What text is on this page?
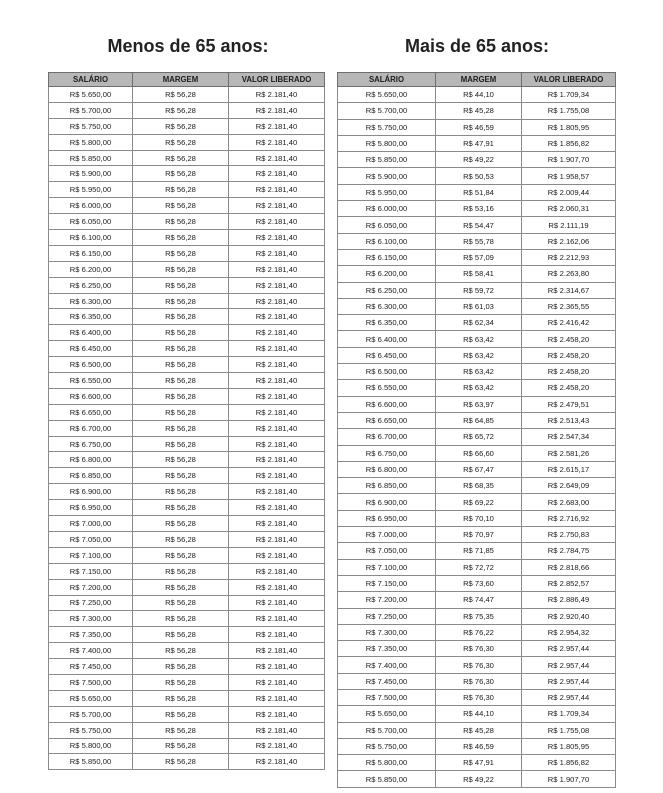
Menos de 65 anos:	Mais de 65 anos:
SALÁRIO	MARGEM	VALOR LIBERADO
R$ 5.650,00	R$ 56,28	R$ 2.181,40
R$ 5.700,00	R$ 56,28	R$ 2.181,40
R$ 5.750,00	R$ 56,28	R$ 2.181,40
R$ 5.800,00	R$ 56,28	R$ 2.181,40
R$ 5.850,00	R$ 56,28	R$ 2.181,40
R$ 5.900,00	R$ 56,28	R$ 2.181,40
R$ 5.950,00	R$ 56,28	R$ 2.181,40
R$ 6.000,00	R$ 56,28	R$ 2.181,40
R$ 6.050,00	R$ 56,28	R$ 2.181,40
R$ 6.100,00	R$ 56,28	R$ 2.181,40
R$ 6.150,00	R$ 56,28	R$ 2.181,40
R$ 6.200,00	R$ 56,28	R$ 2.181,40
R$ 6.250,00	R$ 56,28	R$ 2.181,40
R$ 6.300,00	R$ 56,28	R$ 2.181,40
R$ 6.350,00	R$ 56,28	R$ 2.181,40
R$ 6.400,00	R$ 56,28	R$ 2.181,40
R$ 6.450,00	R$ 56,28	R$ 2.181,40
R$ 6.500,00	R$ 56,28	R$ 2.181,40
R$ 6.550,00	R$ 56,28	R$ 2.181,40
R$ 6.600,00	R$ 56,28	R$ 2.181,40
R$ 6.650,00	R$ 56,28	R$ 2.181,40
R$ 6.700,00	R$ 56,28	R$ 2.181,40
R$ 6.750,00	R$ 56,28	R$ 2.181,40
R$ 6.800,00	R$ 56,28	R$ 2.181,40
R$ 6.850,00	R$ 56,28	R$ 2.181,40
R$ 6.900,00	R$ 56,28	R$ 2.181,40
R$ 6.950,00	R$ 56,28	R$ 2.181,40
R$ 7.000,00	R$ 56,28	R$ 2.181,40
R$ 7.050,00	R$ 56,28	R$ 2.181,40
R$ 7.100,00	R$ 56,28	R$ 2.181,40
R$ 7.150,00	R$ 56,28	R$ 2.181,40
R$ 7.200,00	R$ 56,28	R$ 2.181,40
R$ 7.250,00	R$ 56,28	R$ 2.181,40
R$ 7.300,00	R$ 56,28	R$ 2.181,40
R$ 7.350,00	R$ 56,28	R$ 2.181,40
R$ 7.400,00	R$ 56,28	R$ 2.181,40
R$ 7.450,00	R$ 56,28	R$ 2.181,40
R$ 7.500,00	R$ 56,28	R$ 2.181,40
R$ 5.650,00	R$ 56,28	R$ 2.181,40
R$ 5.700,00	R$ 56,28	R$ 2.181,40
R$ 5.750,00	R$ 56,28	R$ 2.181,40
R$ 5.800,00	R$ 56,28	R$ 2.181,40
R$ 5.850,00	R$ 56,28	R$ 2.181,40
SALÁRIO	MARGEM	VALOR LIBERADO
R$ 5.650,00	R$ 44,10	R$ 1.709,34
R$ 5.700,00	R$ 45,28	R$ 1.755,08
R$ 5.750,00	R$ 46,59	R$ 1.805,95
R$ 5.800,00	R$ 47,91	R$ 1.856,82
R$ 5.850,00	R$ 49,22	R$ 1.907,70
R$ 5.900,00	R$ 50,53	R$ 1.958,57
R$ 5.950,00	R$ 51,84	R$ 2.009,44
R$ 6.000,00	R$ 53,16	R$ 2.060,31
R$ 6.050,00	R$ 54,47	R$ 2.111,19
R$ 6.100,00	R$ 55,78	R$ 2.162,06
R$ 6.150,00	R$ 57,09	R$ 2.212,93
R$ 6.200,00	R$ 58,41	R$ 2.263,80
R$ 6.250,00	R$ 59,72	R$ 2.314,67
R$ 6.300,00	R$ 61,03	R$ 2.365,55
R$ 6.350,00	R$ 62,34	R$ 2.416,42
R$ 6.400,00	R$ 63,42	R$ 2.458,20
R$ 6.450,00	R$ 63,42	R$ 2.458,20
R$ 6.500,00	R$ 63,42	R$ 2.458,20
R$ 6.550,00	R$ 63,42	R$ 2.458,20
R$ 6.600,00	R$ 63,97	R$ 2.479,51
R$ 6.650,00	R$ 64,85	R$ 2.513,43
R$ 6.700,00	R$ 65,72	R$ 2.547,34
R$ 6.750,00	R$ 66,60	R$ 2.581,26
R$ 6.800,00	R$ 67,47	R$ 2.615,17
R$ 6.850,00	R$ 68,35	R$ 2.649,09
R$ 6.900,00	R$ 69,22	R$ 2.683,00
R$ 6.950,00	R$ 70,10	R$ 2.716,92
R$ 7.000,00	R$ 70,97	R$ 2.750,83
R$ 7.050,00	R$ 71,85	R$ 2.784,75
R$ 7.100,00	R$ 72,72	R$ 2.818,66
R$ 7.150,00	R$ 73,60	R$ 2.852,57
R$ 7.200,00	R$ 74,47	R$ 2.886,49
R$ 7.250,00	R$ 75,35	R$ 2.920,40
R$ 7.300,00	R$ 76,22	R$ 2.954,32
R$ 7.350,00	R$ 76,30	R$ 2.957,44
R$ 7.400,00	R$ 76,30	R$ 2.957,44
R$ 7.450,00	R$ 76,30	R$ 2.957,44
R$ 7.500,00	R$ 76,30	R$ 2.957,44
R$ 5.650,00	R$ 44,10	R$ 1.709,34
R$ 5.700,00	R$ 45,28	R$ 1.755,08
R$ 5.750,00	R$ 46,59	R$ 1.805,95
R$ 5.800,00	R$ 47,91	R$ 1.856,82
R$ 5.850,00	R$ 49,22	R$ 1.907,70
